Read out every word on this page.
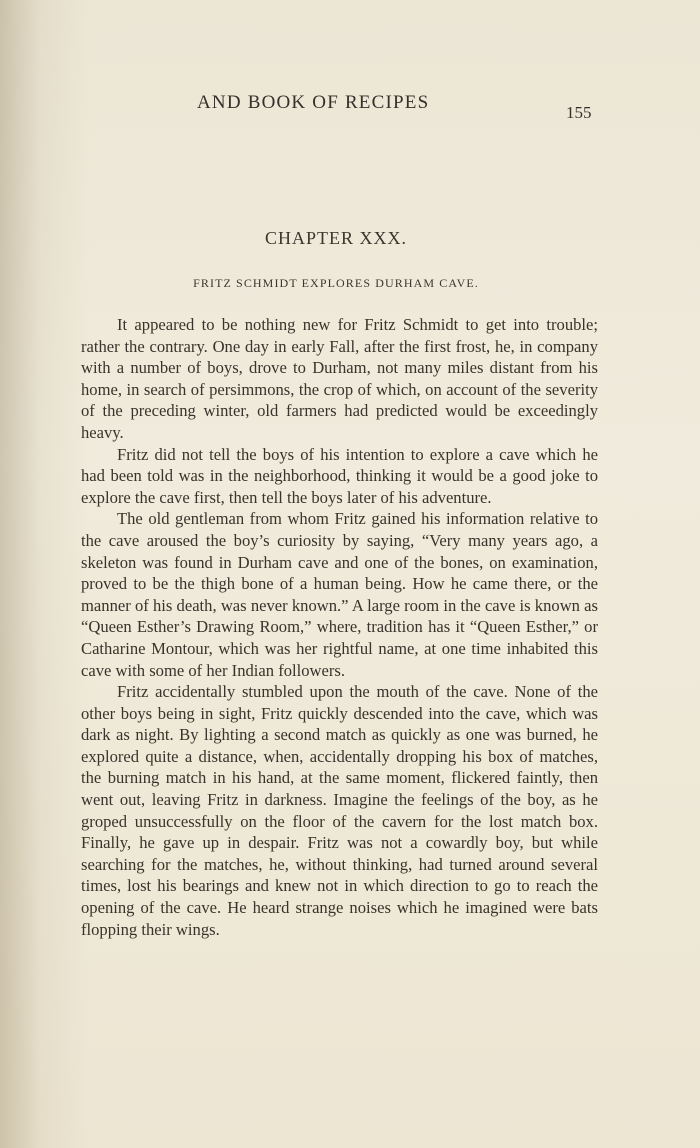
AND BOOK OF RECIPES	155
CHAPTER XXX.
FRITZ SCHMIDT EXPLORES DURHAM CAVE.

It appeared to be nothing new for Fritz Schmidt to get into trouble; rather the contrary. One day in early Fall, after the first frost, he, in company with a number of boys, drove to Durham, not many miles distant from his home, in search of persimmons, the crop of which, on account of the severity of the preceding winter, old farmers had predicted would be exceedingly heavy.

Fritz did not tell the boys of his intention to explore a cave which he had been told was in the neighborhood, thinking it would be a good joke to explore the cave first, then tell the boys later of his adventure.

The old gentleman from whom Fritz gained his information relative to the cave aroused the boy’s curiosity by saying, “Very many years ago, a skeleton was found in Durham cave and one of the bones, on examination, proved to be the thigh bone of a human being. How he came there, or the manner of his death, was never known.” A large room in the cave is known as “Queen Esther’s Drawing Room,” where, tradition has it “Queen Esther,” or Catharine Montour, which was her rightful name, at one time inhabited this cave with some of her Indian followers.

Fritz accidentally stumbled upon the mouth of the cave. None of the other boys being in sight, Fritz quickly descended into the cave, which was dark as night. By lighting a second match as quickly as one was burned, he explored quite a distance, when, accidentally dropping his box of matches, the burning match in his hand, at the same moment, flickered faintly, then went out, leaving Fritz in darkness. Imagine the feelings of the boy, as he groped unsuccessfully on the floor of the cavern for the lost match box. Finally, he gave up in despair. Fritz was not a cowardly boy, but while searching for the matches, he, without thinking, had turned around several times, lost his bearings and knew not in which direction to go to reach the opening of the cave. He heard strange noises which he imagined were bats flopping their wings.
